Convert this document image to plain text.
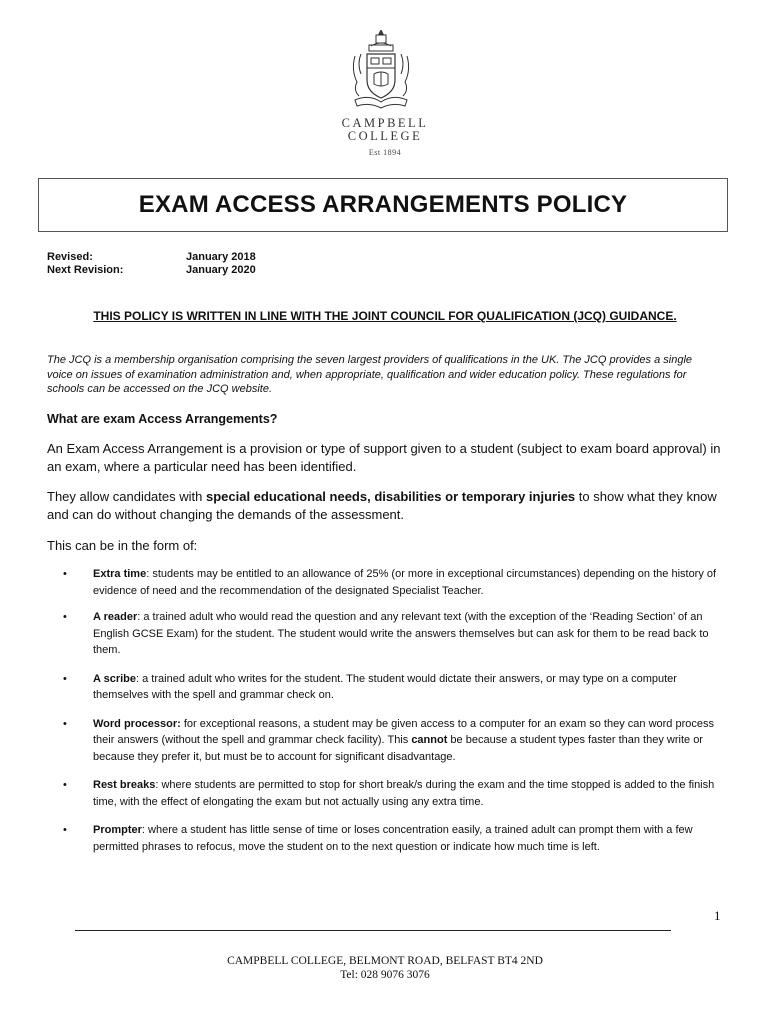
CAMPBELL
COLLEGE
Est 1894
EXAM ACCESS ARRANGEMENTS POLICY
Revised:	January 2018
Next Revision:	January 2020
THIS POLICY IS WRITTEN IN LINE WITH THE JOINT COUNCIL FOR QUALIFICATION (JCQ) GUIDANCE.
The JCQ is a membership organisation comprising the seven largest providers of qualifications in the UK. The JCQ provides a single voice on issues of examination administration and, when appropriate, qualification and wider education policy. These regulations for schools can be accessed on the JCQ website.
What are exam Access Arrangements?
An Exam Access Arrangement is a provision or type of support given to a student (subject to exam board approval) in an exam, where a particular need has been identified.
They allow candidates with special educational needs, disabilities or temporary injuries to show what they know and can do without changing the demands of the assessment.
This can be in the form of:
• Extra time: students may be entitled to an allowance of 25% (or more in exceptional circumstances) depending on the history of evidence of need and the recommendation of the designated Specialist Teacher.
• A reader: a trained adult who would read the question and any relevant text (with the exception of the ‘Reading Section’ of an English GCSE Exam) for the student. The student would write the answers themselves but can ask for them to be read back to them.
• A scribe: a trained adult who writes for the student. The student would dictate their answers, or may type on a computer themselves with the spell and grammar check on.
• Word processor: for exceptional reasons, a student may be given access to a computer for an exam so they can word process their answers (without the spell and grammar check facility). This cannot be because a student types faster than they write or because they prefer it, but must be to account for significant disadvantage.
• Rest breaks: where students are permitted to stop for short break/s during the exam and the time stopped is added to the finish time, with the effect of elongating the exam but not actually using any extra time.
• Prompter: where a student has little sense of time or loses concentration easily, a trained adult can prompt them with a few permitted phrases to refocus, move the student on to the next question or indicate how much time is left.
1
CAMPBELL COLLEGE, BELMONT ROAD, BELFAST BT4 2ND
Tel: 028 9076 3076
